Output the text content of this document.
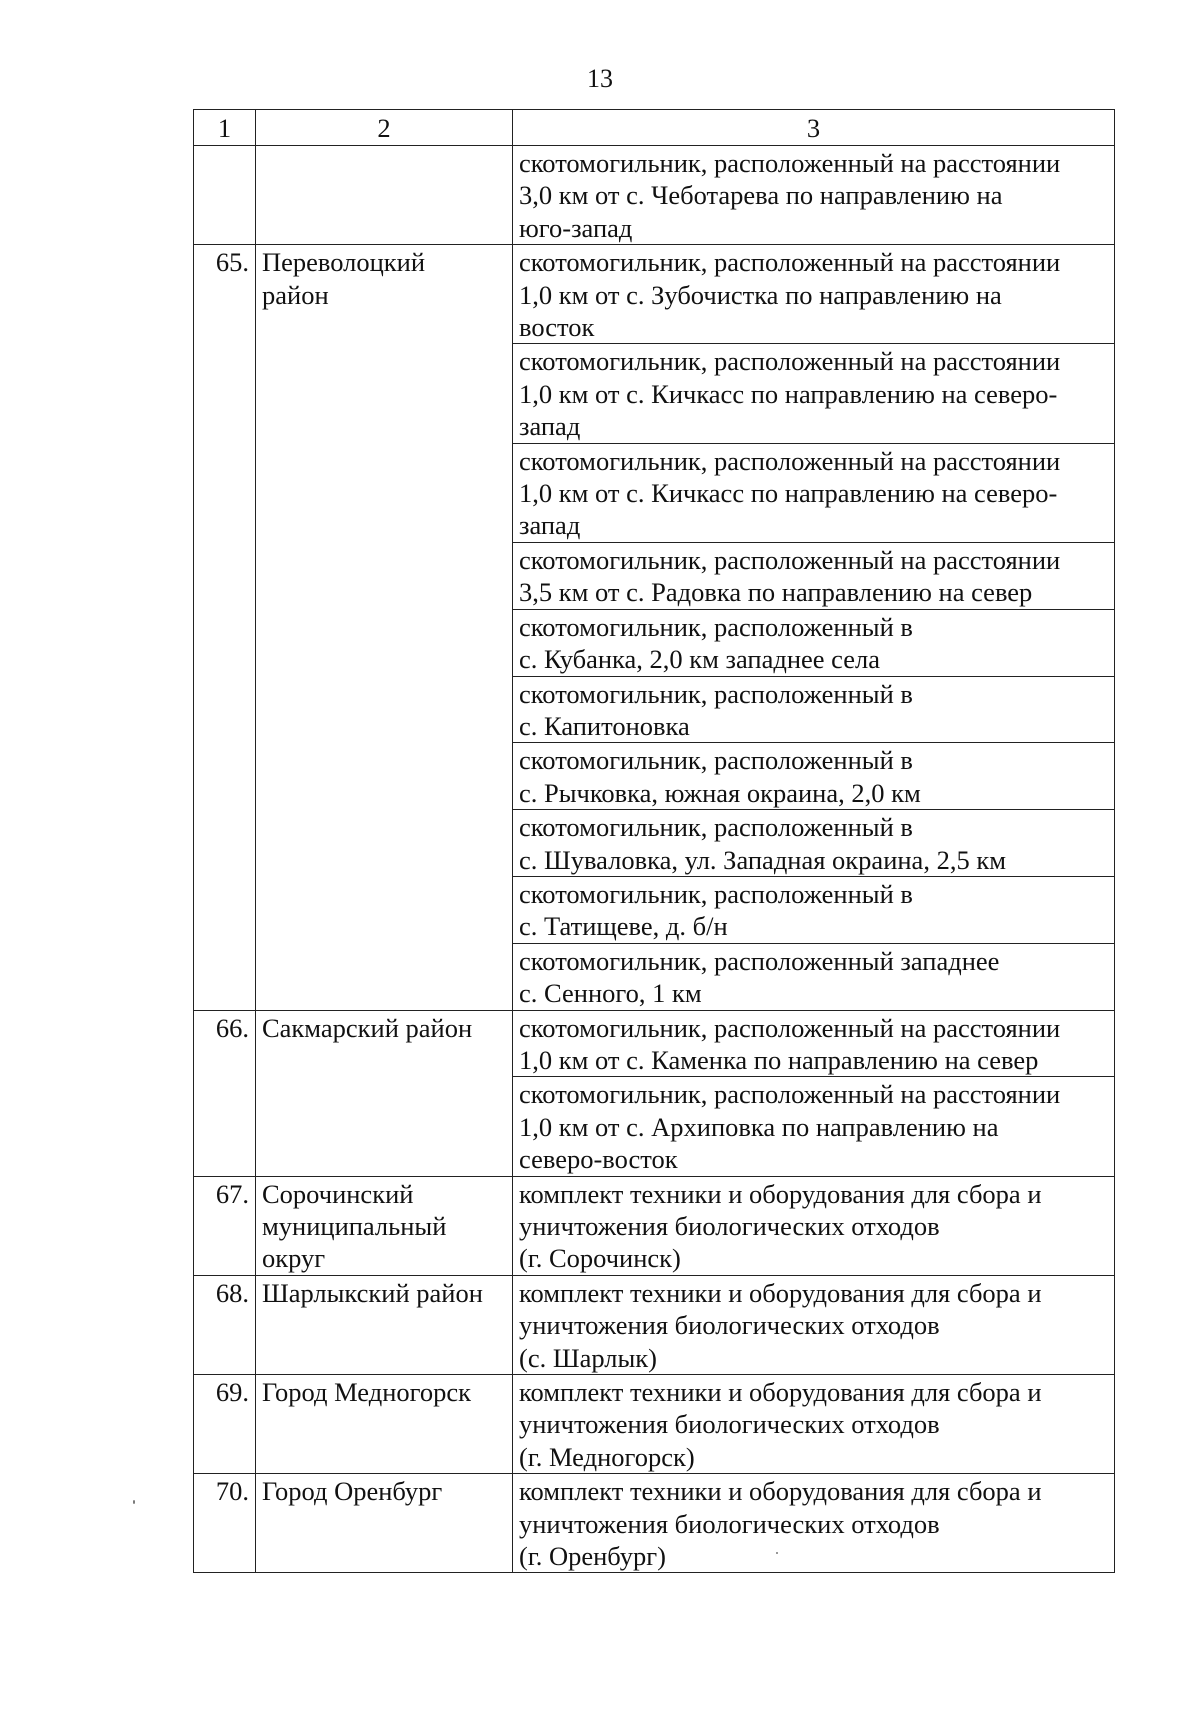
13
1	2	3
		скотомогильник, расположенный на расстоянии
3,0 км от с. Чеботарева по направлению на
юго-запад
65.	Переволоцкий
район	скотомогильник, расположенный на расстоянии
1,0 км от с. Зубочистка по направлению на
восток
		скотомогильник, расположенный на расстоянии
1,0 км от с. Кичкасс по направлению на северо-
запад
		скотомогильник, расположенный на расстоянии
1,0 км от с. Кичкасс по направлению на северо-
запад
		скотомогильник, расположенный на расстоянии
3,5 км от с. Радовка по направлению на север
		скотомогильник, расположенный в
с. Кубанка, 2,0 км западнее села
		скотомогильник, расположенный в
с. Капитоновка
		скотомогильник, расположенный в
с. Рычковка, южная окраина, 2,0 км
		скотомогильник, расположенный в
с. Шуваловка, ул. Западная окраина, 2,5 км
		скотомогильник, расположенный в
с. Татищеве, д. б/н
		скотомогильник, расположенный западнее
с. Сенного, 1 км
66.	Сакмарский район	скотомогильник, расположенный на расстоянии
1,0 км от с. Каменка по направлению на север
		скотомогильник, расположенный на расстоянии
1,0 км от с. Архиповка по направлению на
северо-восток
67.	Сорочинский
муниципальный
округ	комплект техники и оборудования для сбора и
уничтожения биологических отходов
(г. Сорочинск)
68.	Шарлыкский район	комплект техники и оборудования для сбора и
уничтожения биологических отходов
(с. Шарлык)
69.	Город Медногорск	комплект техники и оборудования для сбора и
уничтожения биологических отходов
(г. Медногорск)
70.	Город Оренбург	комплект техники и оборудования для сбора и
уничтожения биологических отходов
(г. Оренбург)
